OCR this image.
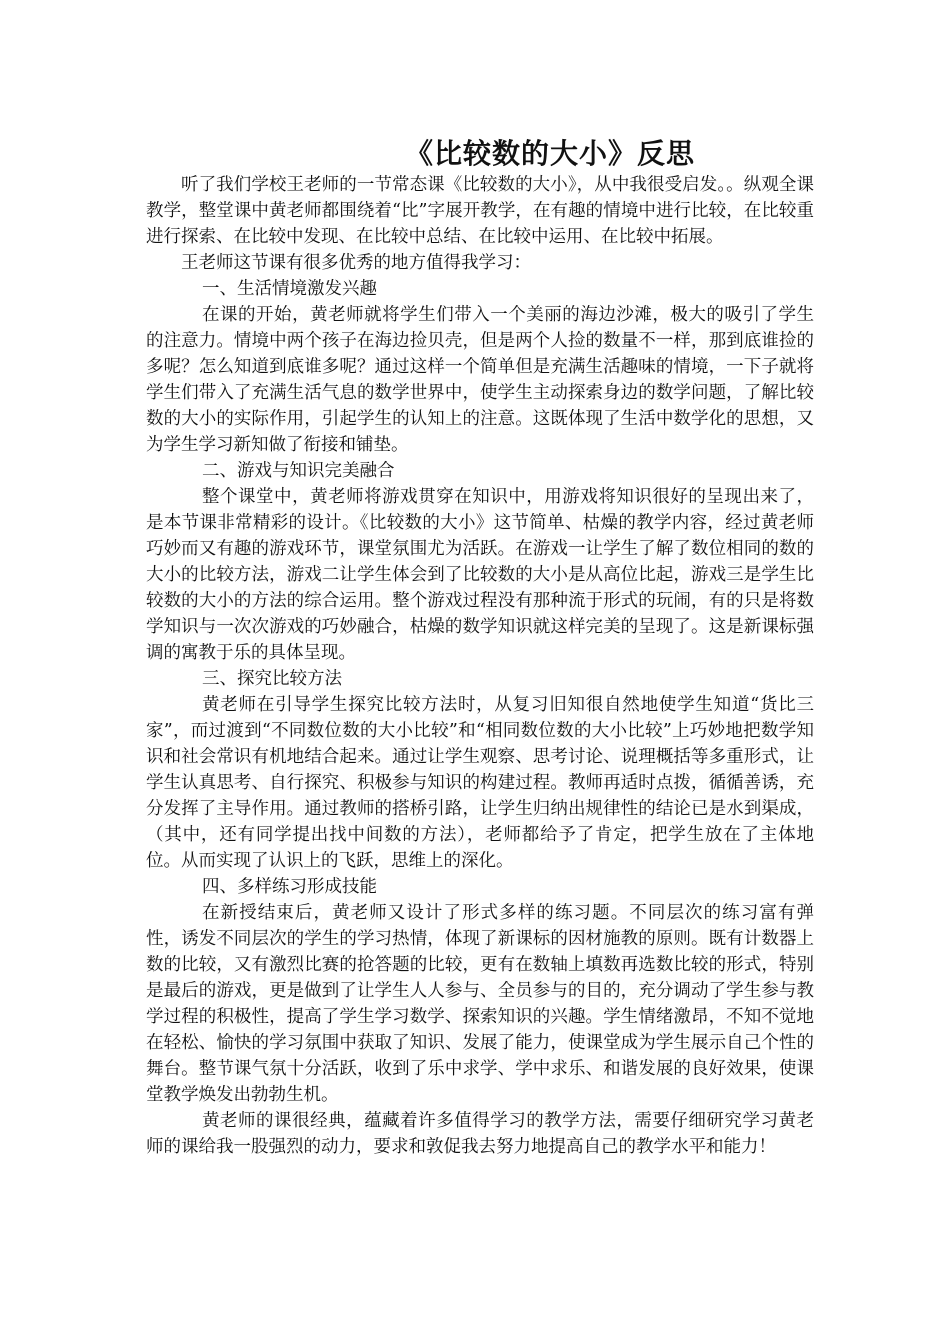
《比较数的大小》反思

听了我们学校王老师的一节常态课《比较数的大小》，从中我很受启发。。纵观全课教学，整堂课中黄老师都围绕着“比”字展开教学，在有趣的情境中进行比较，在比较重进行探索、在比较中发现、在比较中总结、在比较中运用、在比较中拓展。

王老师这节课有很多优秀的地方值得我学习：

一、生活情境激发兴趣

在课的开始，黄老师就将学生们带入一个美丽的海边沙滩，极大的吸引了学生的注意力。情境中两个孩子在海边捡贝壳，但是两个人捡的数量不一样，那到底谁捡的多呢？怎么知道到底谁多呢？通过这样一个简单但是充满生活趣味的情境，一下子就将学生们带入了充满生活气息的数学世界中，使学生主动探索身边的数学问题，了解比较数的大小的实际作用，引起学生的认知上的注意。这既体现了生活中数学化的思想，又为学生学习新知做了衔接和铺垫。

二、游戏与知识完美融合

整个课堂中，黄老师将游戏贯穿在知识中，用游戏将知识很好的呈现出来了，是本节课非常精彩的设计。《比较数的大小》这节简单、枯燥的教学内容，经过黄老师巧妙而又有趣的游戏环节，课堂氛围尤为活跃。在游戏一让学生了解了数位相同的数的大小的比较方法，游戏二让学生体会到了比较数的大小是从高位比起，游戏三是学生比较数的大小的方法的综合运用。整个游戏过程没有那种流于形式的玩闹，有的只是将数学知识与一次次游戏的巧妙融合，枯燥的数学知识就这样完美的呈现了。这是新课标强调的寓教于乐的具体呈现。

三、探究比较方法

黄老师在引导学生探究比较方法时，从复习旧知很自然地使学生知道“货比三家”，而过渡到“不同数位数的大小比较”和“相同数位数的大小比较”上巧妙地把数学知识和社会常识有机地结合起来。通过让学生观察、思考讨论、说理概括等多重形式，让学生认真思考、自行探究、积极参与知识的构建过程。教师再适时点拨，循循善诱，充分发挥了主导作用。通过教师的搭桥引路，让学生归纳出规律性的结论已是水到渠成，（其中，还有同学提出找中间数的方法），老师都给予了肯定，把学生放在了主体地位。从而实现了认识上的飞跃，思维上的深化。

四、多样练习形成技能

在新授结束后，黄老师又设计了形式多样的练习题。不同层次的练习富有弹性，诱发不同层次的学生的学习热情，体现了新课标的因材施教的原则。既有计数器上数的比较，又有激烈比赛的抢答题的比较，更有在数轴上填数再选数比较的形式，特别是最后的游戏，更是做到了让学生人人参与、全员参与的目的，充分调动了学生参与教学过程的积极性，提高了学生学习数学、探索知识的兴趣。学生情绪激昂，不知不觉地在轻松、愉快的学习氛围中获取了知识、发展了能力，使课堂成为学生展示自己个性的舞台。整节课气氛十分活跃，收到了乐中求学、学中求乐、和谐发展的良好效果，使课堂教学焕发出勃勃生机。

黄老师的课很经典，蕴藏着许多值得学习的教学方法，需要仔细研究学习黄老师的课给我一股强烈的动力，要求和敦促我去努力地提高自己的教学水平和能力！
